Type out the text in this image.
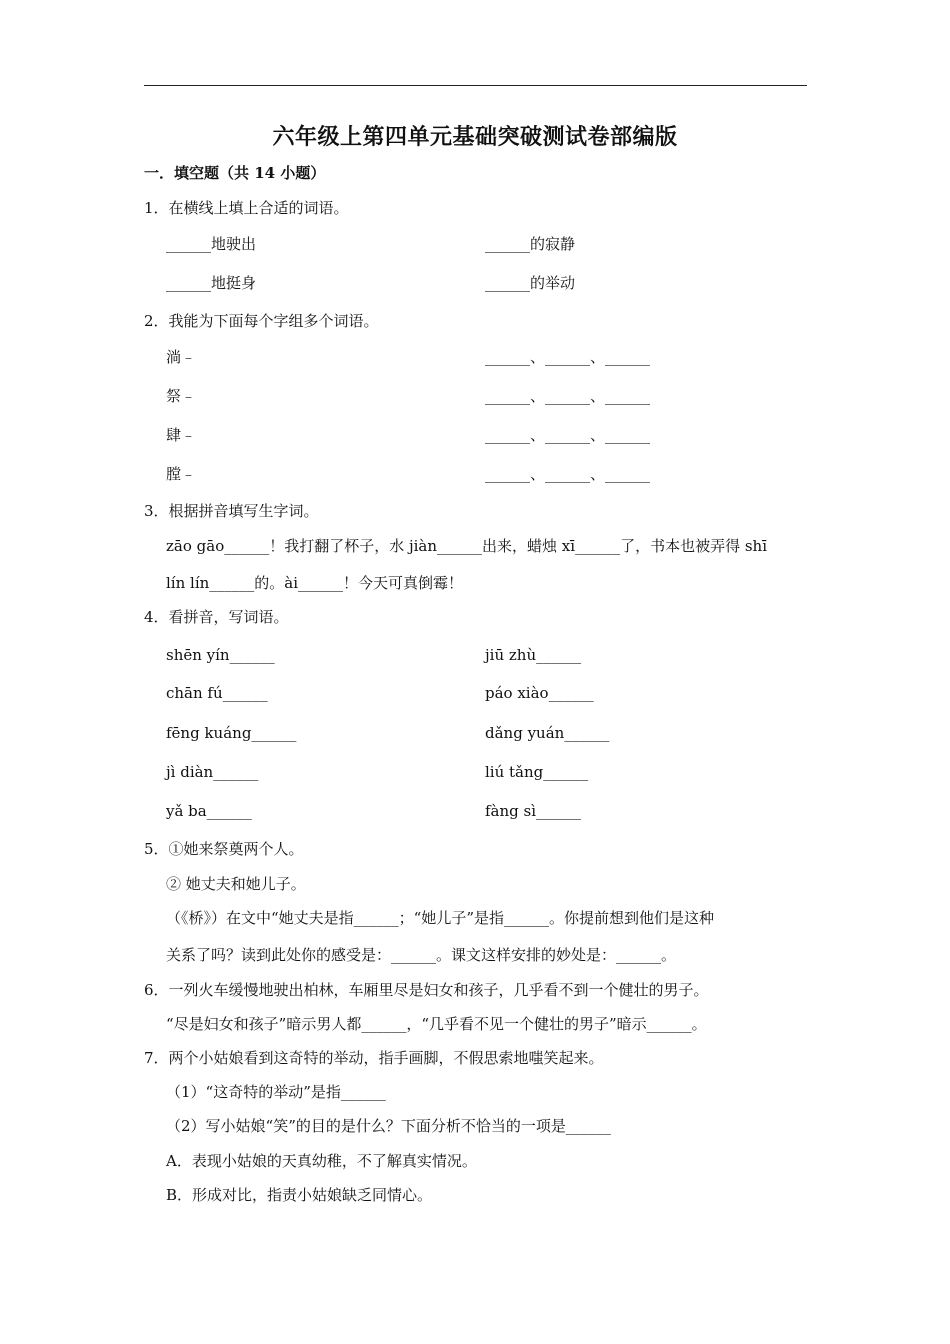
六年级上第四单元基础突破测试卷部编版
一．填空题（共 14 小题）
1．在横线上填上合适的词语。
______地驶出	______的寂静
______地挺身	______的举动
2．我能为下面每个字组多个词语。
淌﹣	______、______、______
祭﹣	______、______、______
肆﹣	______、______、______
膛﹣	______、______、______
3．根据拼音填写生字词。
zāo gāo______！我打翻了杯子，水 jiàn______出来，蜡烛 xī______了，书本也被弄得 shī
lín lín______的。ài______！今天可真倒霉！
4．看拼音，写词语。
shēn yín______	jiū zhù______
chān fú______	páo xiào______
fēng kuáng______	dǎng yuán______
jì diàn______	liú tǎng______
yǎ ba______	fàng sì______
5．①她来祭奠两个人。
② 她丈夫和她儿子。
（《桥》）在文中“她丈夫是指______；“她儿子”是指______。你提前想到他们是这种
关系了吗？读到此处你的感受是：______。课文这样安排的妙处是：______。
6．一列火车缓慢地驶出柏林，车厢里尽是妇女和孩子，几乎看不到一个健壮的男子。
“尽是妇女和孩子”暗示男人都______，“几乎看不见一个健壮的男子”暗示______。
7．两个小姑娘看到这奇特的举动，指手画脚，不假思索地嗤笑起来。
（1）“这奇特的举动”是指______
（2）写小姑娘“笑”的目的是什么？下面分析不恰当的一项是______
A．表现小姑娘的天真幼稚，不了解真实情况。
B．形成对比，指责小姑娘缺乏同情心。
